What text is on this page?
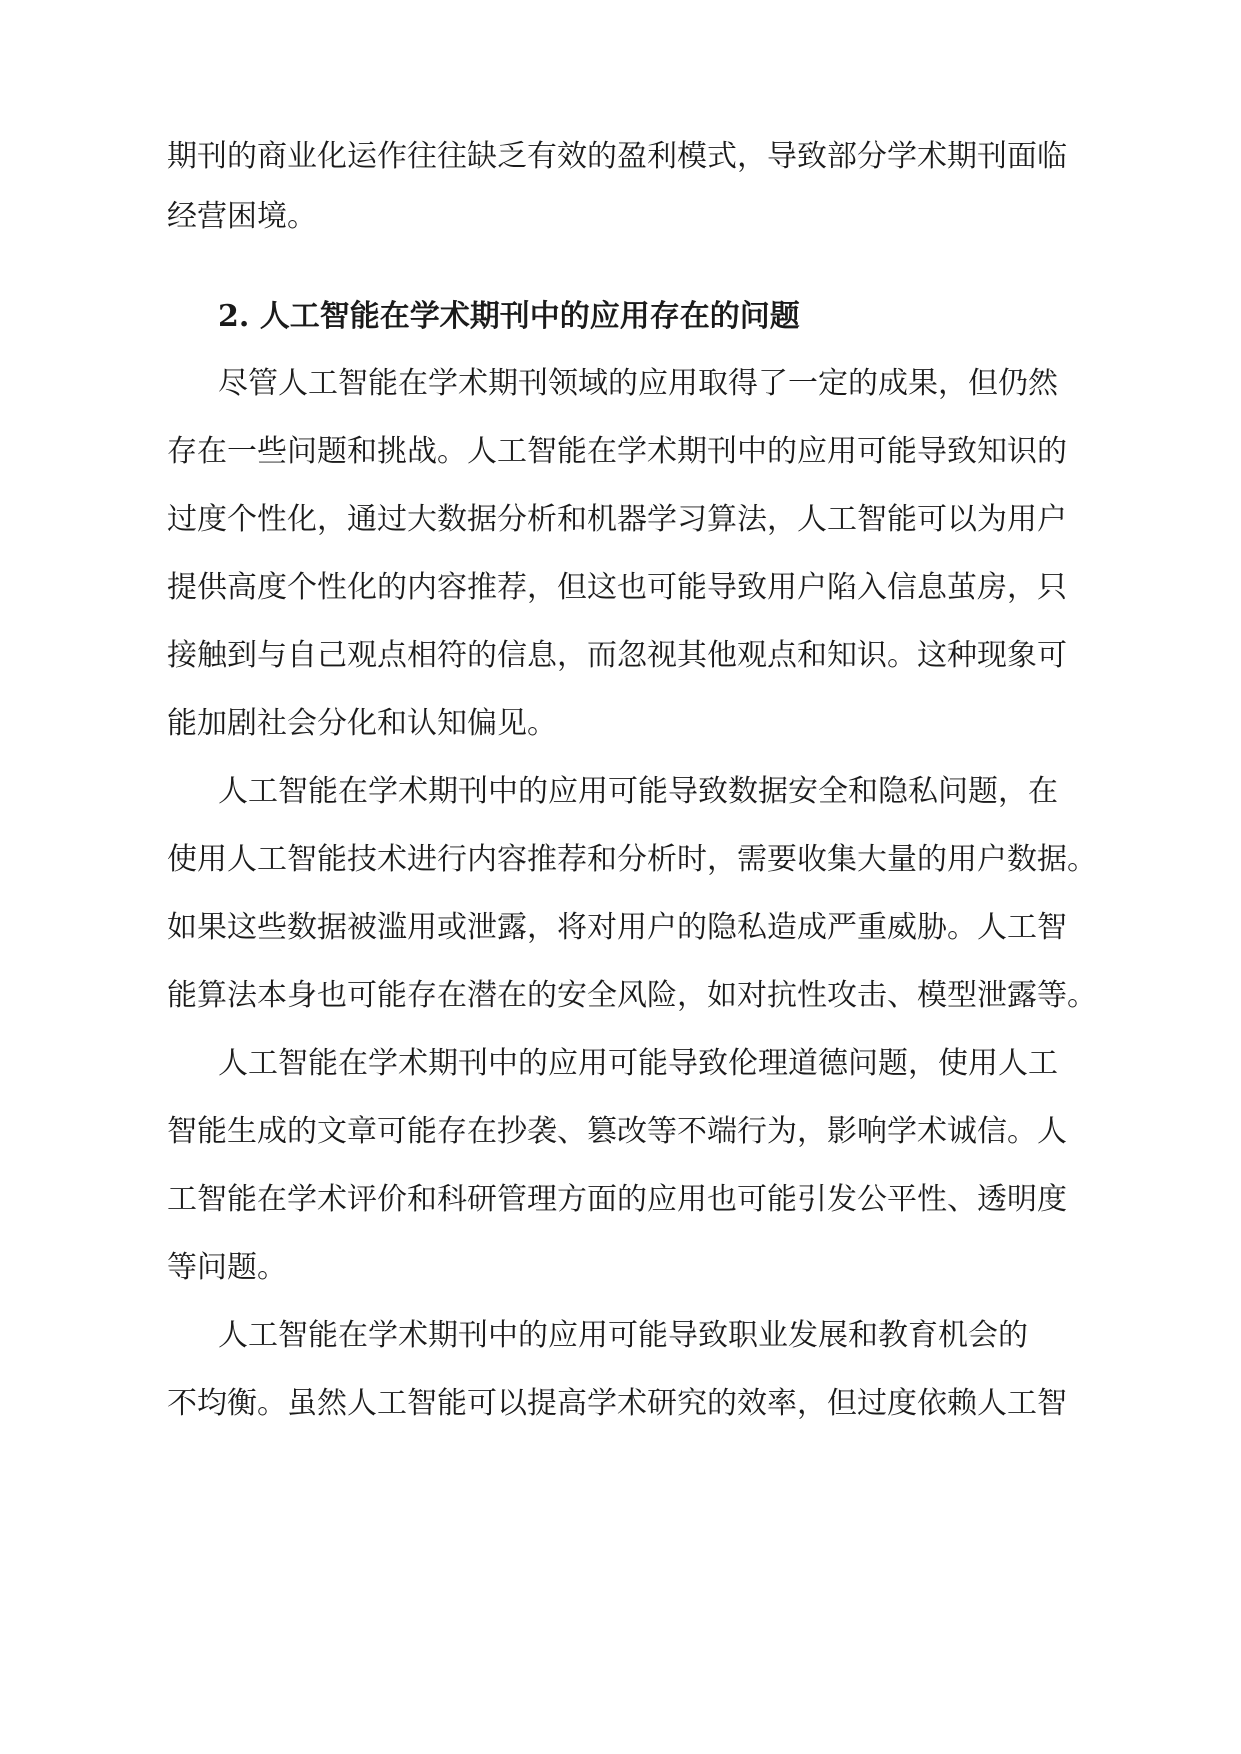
期 刊 的 商 业 化 运 作 往 往 缺 乏 有 效 的 盈 利 模 式 ， 导 致 部 分 学 术 期 刊 面 临
经营困境。
2. 人工智能在学术期刊中的应用存在的问题
尽 管 人 工 智 能 在 学 术 期 刊 领 域 的 应 用 取 得 了 一 定 的 成 果 ， 但 仍 然
存 在 一 些 问 题 和 挑 战 。 人 工 智 能 在 学 术 期 刊 中 的 应 用 可 能 导 致 知 识 的
过 度 个 性 化 ， 通 过 大 数 据 分 析 和 机 器 学 习 算 法 ， 人 工 智 能 可 以 为 用 户
提 供 高 度 个 性 化 的 内 容 推 荐 ， 但 这 也 可 能 导 致 用 户 陷 入 信 息 茧 房 ， 只
接 触 到 与 自 己 观 点 相 符 的 信 息 ， 而 忽 视 其 他 观 点 和 知 识 。 这 种 现 象 可
能加剧社会分化和认知偏见。
人 工 智 能 在 学 术 期 刊 中 的 应 用 可 能 导 致 数 据 安 全 和 隐 私 问 题 ， 在
使 用 人 工 智 能 技 术 进 行 内 容 推 荐 和 分 析 时 ， 需 要 收 集 大 量 的 用 户 数 据 。
如 果 这 些 数 据 被 滥 用 或 泄 露 ， 将 对 用 户 的 隐 私 造 成 严 重 威 胁 。 人 工 智
能 算 法 本 身 也 可 能 存 在 潜 在 的 安 全 风 险 ， 如 对 抗 性 攻 击 、 模 型 泄 露 等 。
人 工 智 能 在 学 术 期 刊 中 的 应 用 可 能 导 致 伦 理 道 德 问 题 ， 使 用 人 工
智 能 生 成 的 文 章 可 能 存 在 抄 袭 、 篡 改 等 不 端 行 为 ， 影 响 学 术 诚 信 。 人
工 智 能 在 学 术 评 价 和 科 研 管 理 方 面 的 应 用 也 可 能 引 发 公 平 性 、 透 明 度
等问题。
人 工 智 能 在 学 术 期 刊 中 的 应 用 可 能 导 致 职 业 发 展 和 教 育 机 会 的
不 均 衡 。 虽 然 人 工 智 能 可 以 提 高 学 术 研 究 的 效 率 ， 但 过 度 依 赖 人 工 智
